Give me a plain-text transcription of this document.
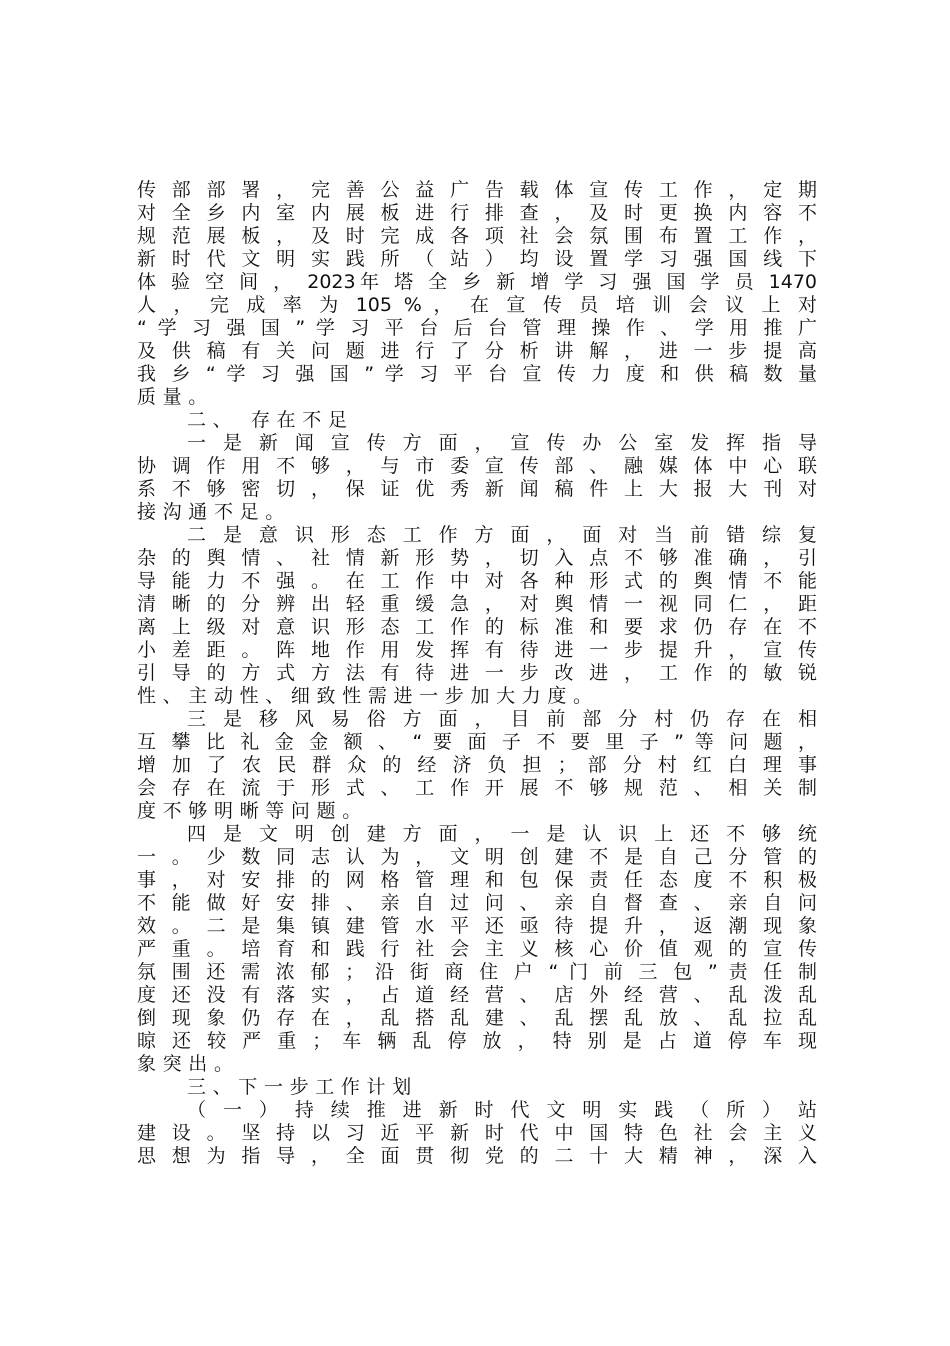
传 部 部 署 ， 完 善 公 益 广 告 载 体 宣 传 工 作 ， 定 期
对 全 乡 内 室 内 展 板 进 行 排 查 ， 及 时 更 换 内 容 不
规 范 展 板 ， 及 时 完 成 各 项 社 会 氛 围 布 置 工 作 ，
新 时 代 文 明 实 践 所 （ 站 ） 均 设 置 学 习 强 国 线 下
体 验 空 间 ， 2023年 塔 全 乡 新 增 学 习 强 国 学 员 1470
人 ， 完 成 率 为 105 % ， 在 宣 传 员 培 训 会 议 上 对
“ 学 习 强 国 ” 学 习 平 台 后 台 管 理 操 作 、 学 用 推 广
及 供 稿 有 关 问 题 进 行 了 分 析 讲 解 ， 进 一 步 提 高
我 乡 “ 学 习 强 国 ” 学 习 平 台 宣 传 力 度 和 供 稿 数 量
质量。
二、 存在不足
一 是 新 闻 宣 传 方 面 ， 宣 传 办 公 室 发 挥 指 导
协 调 作 用 不 够 ， 与 市 委 宣 传 部 、 融 媒 体 中 心 联
系 不 够 密 切 ， 保 证 优 秀 新 闻 稿 件 上 大 报 大 刊 对
接沟通不足。
二 是 意 识 形 态 工 作 方 面 ， 面 对 当 前 错 综 复
杂 的 舆 情 、 社 情 新 形 势 ， 切 入 点 不 够 准 确 ， 引
导 能 力 不 强 。 在 工 作 中 对 各 种 形 式 的 舆 情 不 能
清 晰 的 分 辨 出 轻 重 缓 急 ， 对 舆 情 一 视 同 仁 ， 距
离 上 级 对 意 识 形 态 工 作 的 标 准 和 要 求 仍 存 在 不
小 差 距 。 阵 地 作 用 发 挥 有 待 进 一 步 提 升 ， 宣 传
引 导 的 方 式 方 法 有 待 进 一 步 改 进 ， 工 作 的 敏 锐
性、主动性、细致性需进一步加大力度。
三 是 移 风 易 俗 方 面 ， 目 前 部 分 村 仍 存 在 相
互 攀 比 礼 金 金 额 、 “ 要 面 子 不 要 里 子 ” 等 问 题 ，
增 加 了 农 民 群 众 的 经 济 负 担 ； 部 分 村 红 白 理 事
会 存 在 流 于 形 式 、 工 作 开 展 不 够 规 范 、 相 关 制
度不够明晰等问题。
四 是 文 明 创 建 方 面 ， 一 是 认 识 上 还 不 够 统
一 。 少 数 同 志 认 为 ， 文 明 创 建 不 是 自 己 分 管 的
事 ， 对 安 排 的 网 格 管 理 和 包 保 责 任 态 度 不 积 极
不 能 做 好 安 排 、 亲 自 过 问 、 亲 自 督 查 、 亲 自 问
效 。 二 是 集 镇 建 管 水 平 还 亟 待 提 升 ， 返 潮 现 象
严 重 。 培 育 和 践 行 社 会 主 义 核 心 价 值 观 的 宣 传
氛 围 还 需 浓 郁 ； 沿 街 商 住 户 “ 门 前 三 包 ” 责 任 制
度 还 没 有 落 实 ， 占 道 经 营 、 店 外 经 营 、 乱 泼 乱
倒 现 象 仍 存 在 ， 乱 搭 乱 建 、 乱 摆 乱 放 、 乱 拉 乱
晾 还 较 严 重 ； 车 辆 乱 停 放 ， 特 别 是 占 道 停 车 现
象突出。
三、下一步工作计划
（ 一 ） 持 续 推 进 新 时 代 文 明 实 践 （ 所 ） 站
建 设 。 坚 持 以 习 近 平 新 时 代 中 国 特 色 社 会 主 义
思 想 为 指 导 ， 全 面 贯 彻 党 的 二 十 大 精 神 ， 深 入
